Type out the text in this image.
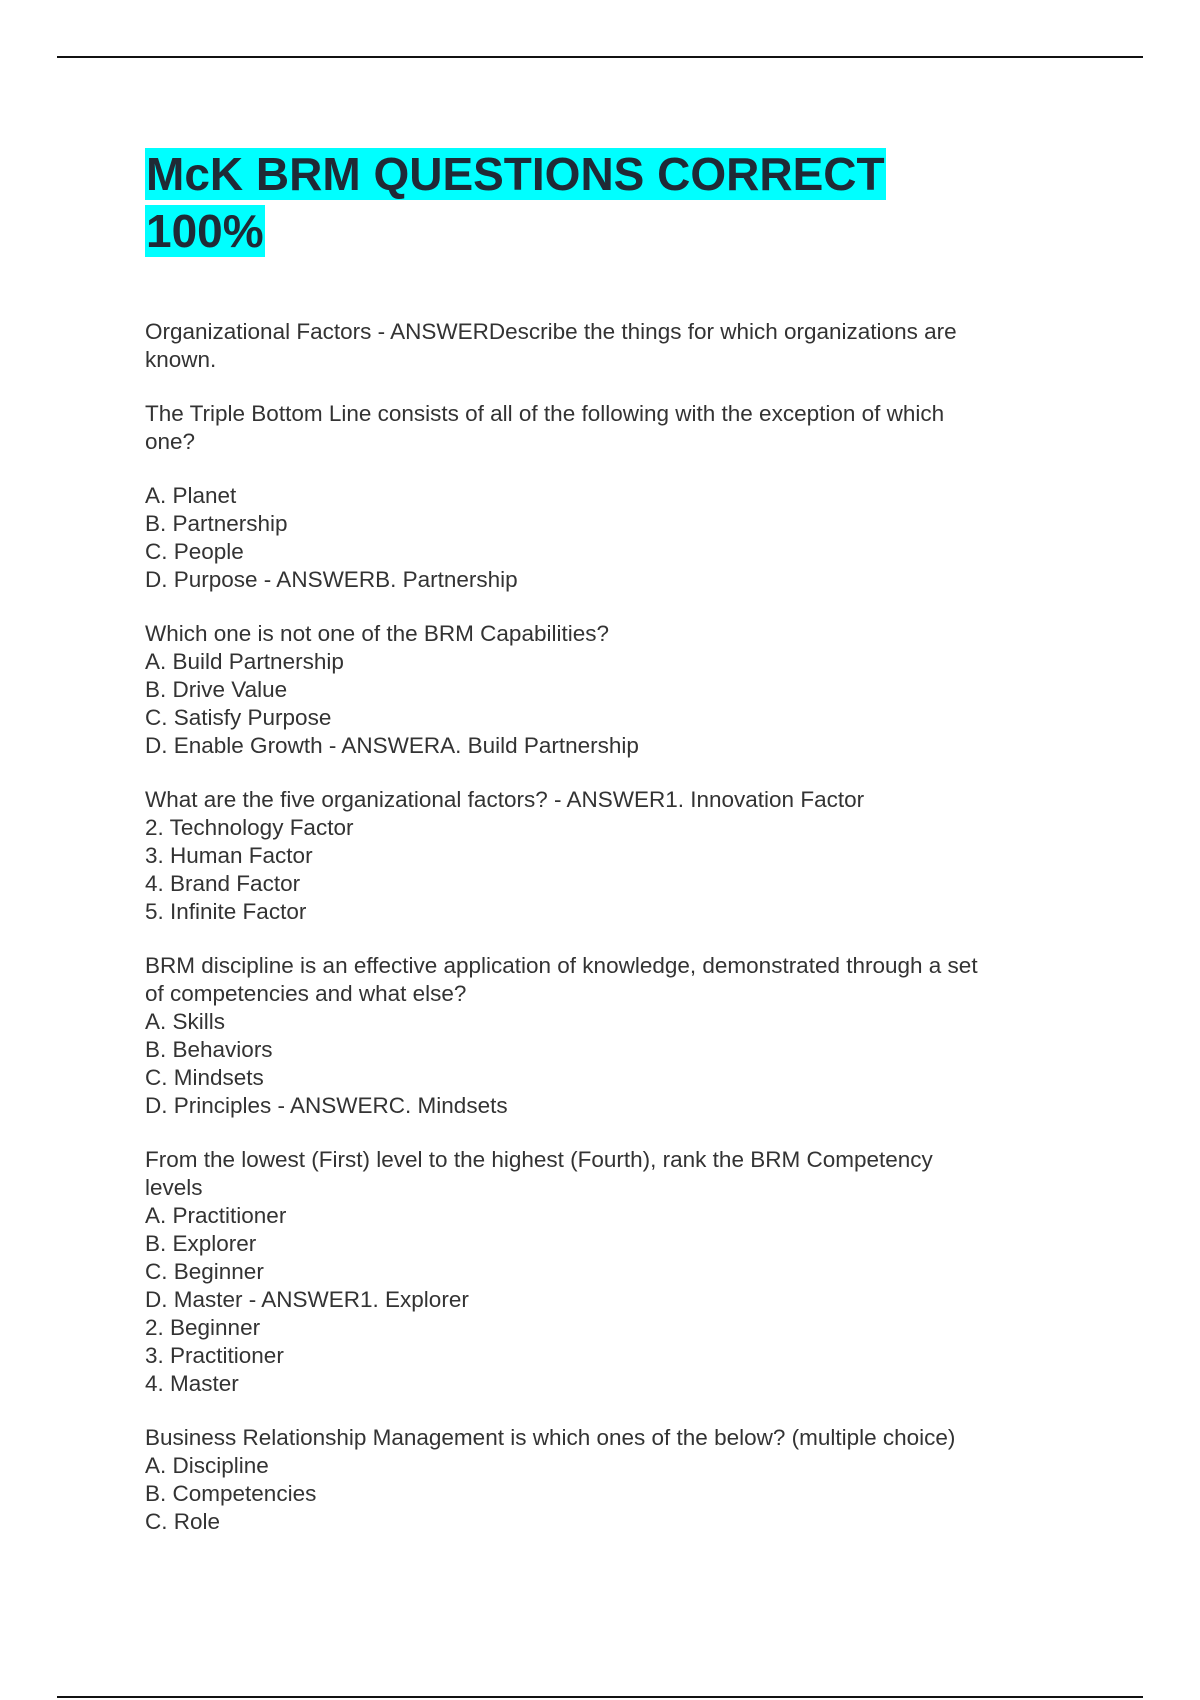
McK BRM QUESTIONS CORRECT
100%
Organizational Factors - ANSWERDescribe the things for which organizations are
known.
The Triple Bottom Line consists of all of the following with the exception of which
one?
A. Planet
B. Partnership
C. People
D. Purpose - ANSWERB. Partnership
Which one is not one of the BRM Capabilities?
A. Build Partnership
B. Drive Value
C. Satisfy Purpose
D. Enable Growth - ANSWERA. Build Partnership
What are the five organizational factors? - ANSWER1. Innovation Factor
2. Technology Factor
3. Human Factor
4. Brand Factor
5. Infinite Factor
BRM discipline is an effective application of knowledge, demonstrated through a set
of competencies and what else?
A. Skills
B. Behaviors
C. Mindsets
D. Principles - ANSWERC. Mindsets
From the lowest (First) level to the highest (Fourth), rank the BRM Competency
levels
A. Practitioner
B. Explorer
C. Beginner
D. Master - ANSWER1. Explorer
2. Beginner
3. Practitioner
4. Master
Business Relationship Management is which ones of the below? (multiple choice)
A. Discipline
B. Competencies
C. Role
